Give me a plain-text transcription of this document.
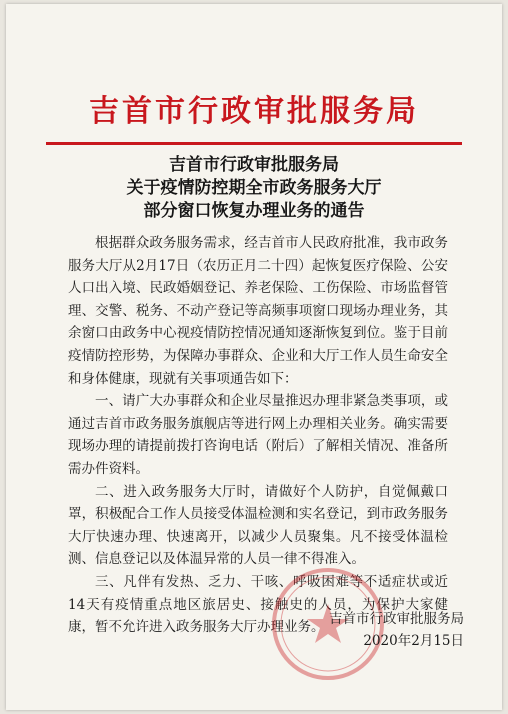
吉首市行政审批服务局
吉首市行政审批服务局
关于疫情防控期全市政务服务大厅
部分窗口恢复办理业务的通告

根据群众政务服务需求，经吉首市人民政府批准，我市政务服务大厅从2月17日（农历正月二十四）起恢复医疗保险、公安人口出入境、民政婚姻登记、养老保险、工伤保险、市场监督管理、交警、税务、不动产登记等高频事项窗口现场办理业务，其余窗口由政务中心视疫情防控情况通知逐渐恢复到位。鉴于目前疫情防控形势，为保障办事群众、企业和大厅工作人员生命安全和身体健康，现就有关事项通告如下：

一、请广大办事群众和企业尽量推迟办理非紧急类事项，或通过吉首市政务服务旗舰店等进行网上办理相关业务。确实需要现场办理的请提前拨打咨询电话（附后）了解相关情况、准备所需办件资料。

二、进入政务服务大厅时，请做好个人防护，自觉佩戴口罩，积极配合工作人员接受体温检测和实名登记，到市政务服务大厅快速办理、快速离开，以减少人员聚集。凡不接受体温检测、信息登记以及体温异常的人员一律不得准入。

三、凡伴有发热、乏力、干咳、呼吸困难等不适症状或近14天有疫情重点地区旅居史、接触史的人员，为保护大家健康，暂不允许进入政务服务大厅办理业务。

吉首市行政审批服务局
2020年2月15日
